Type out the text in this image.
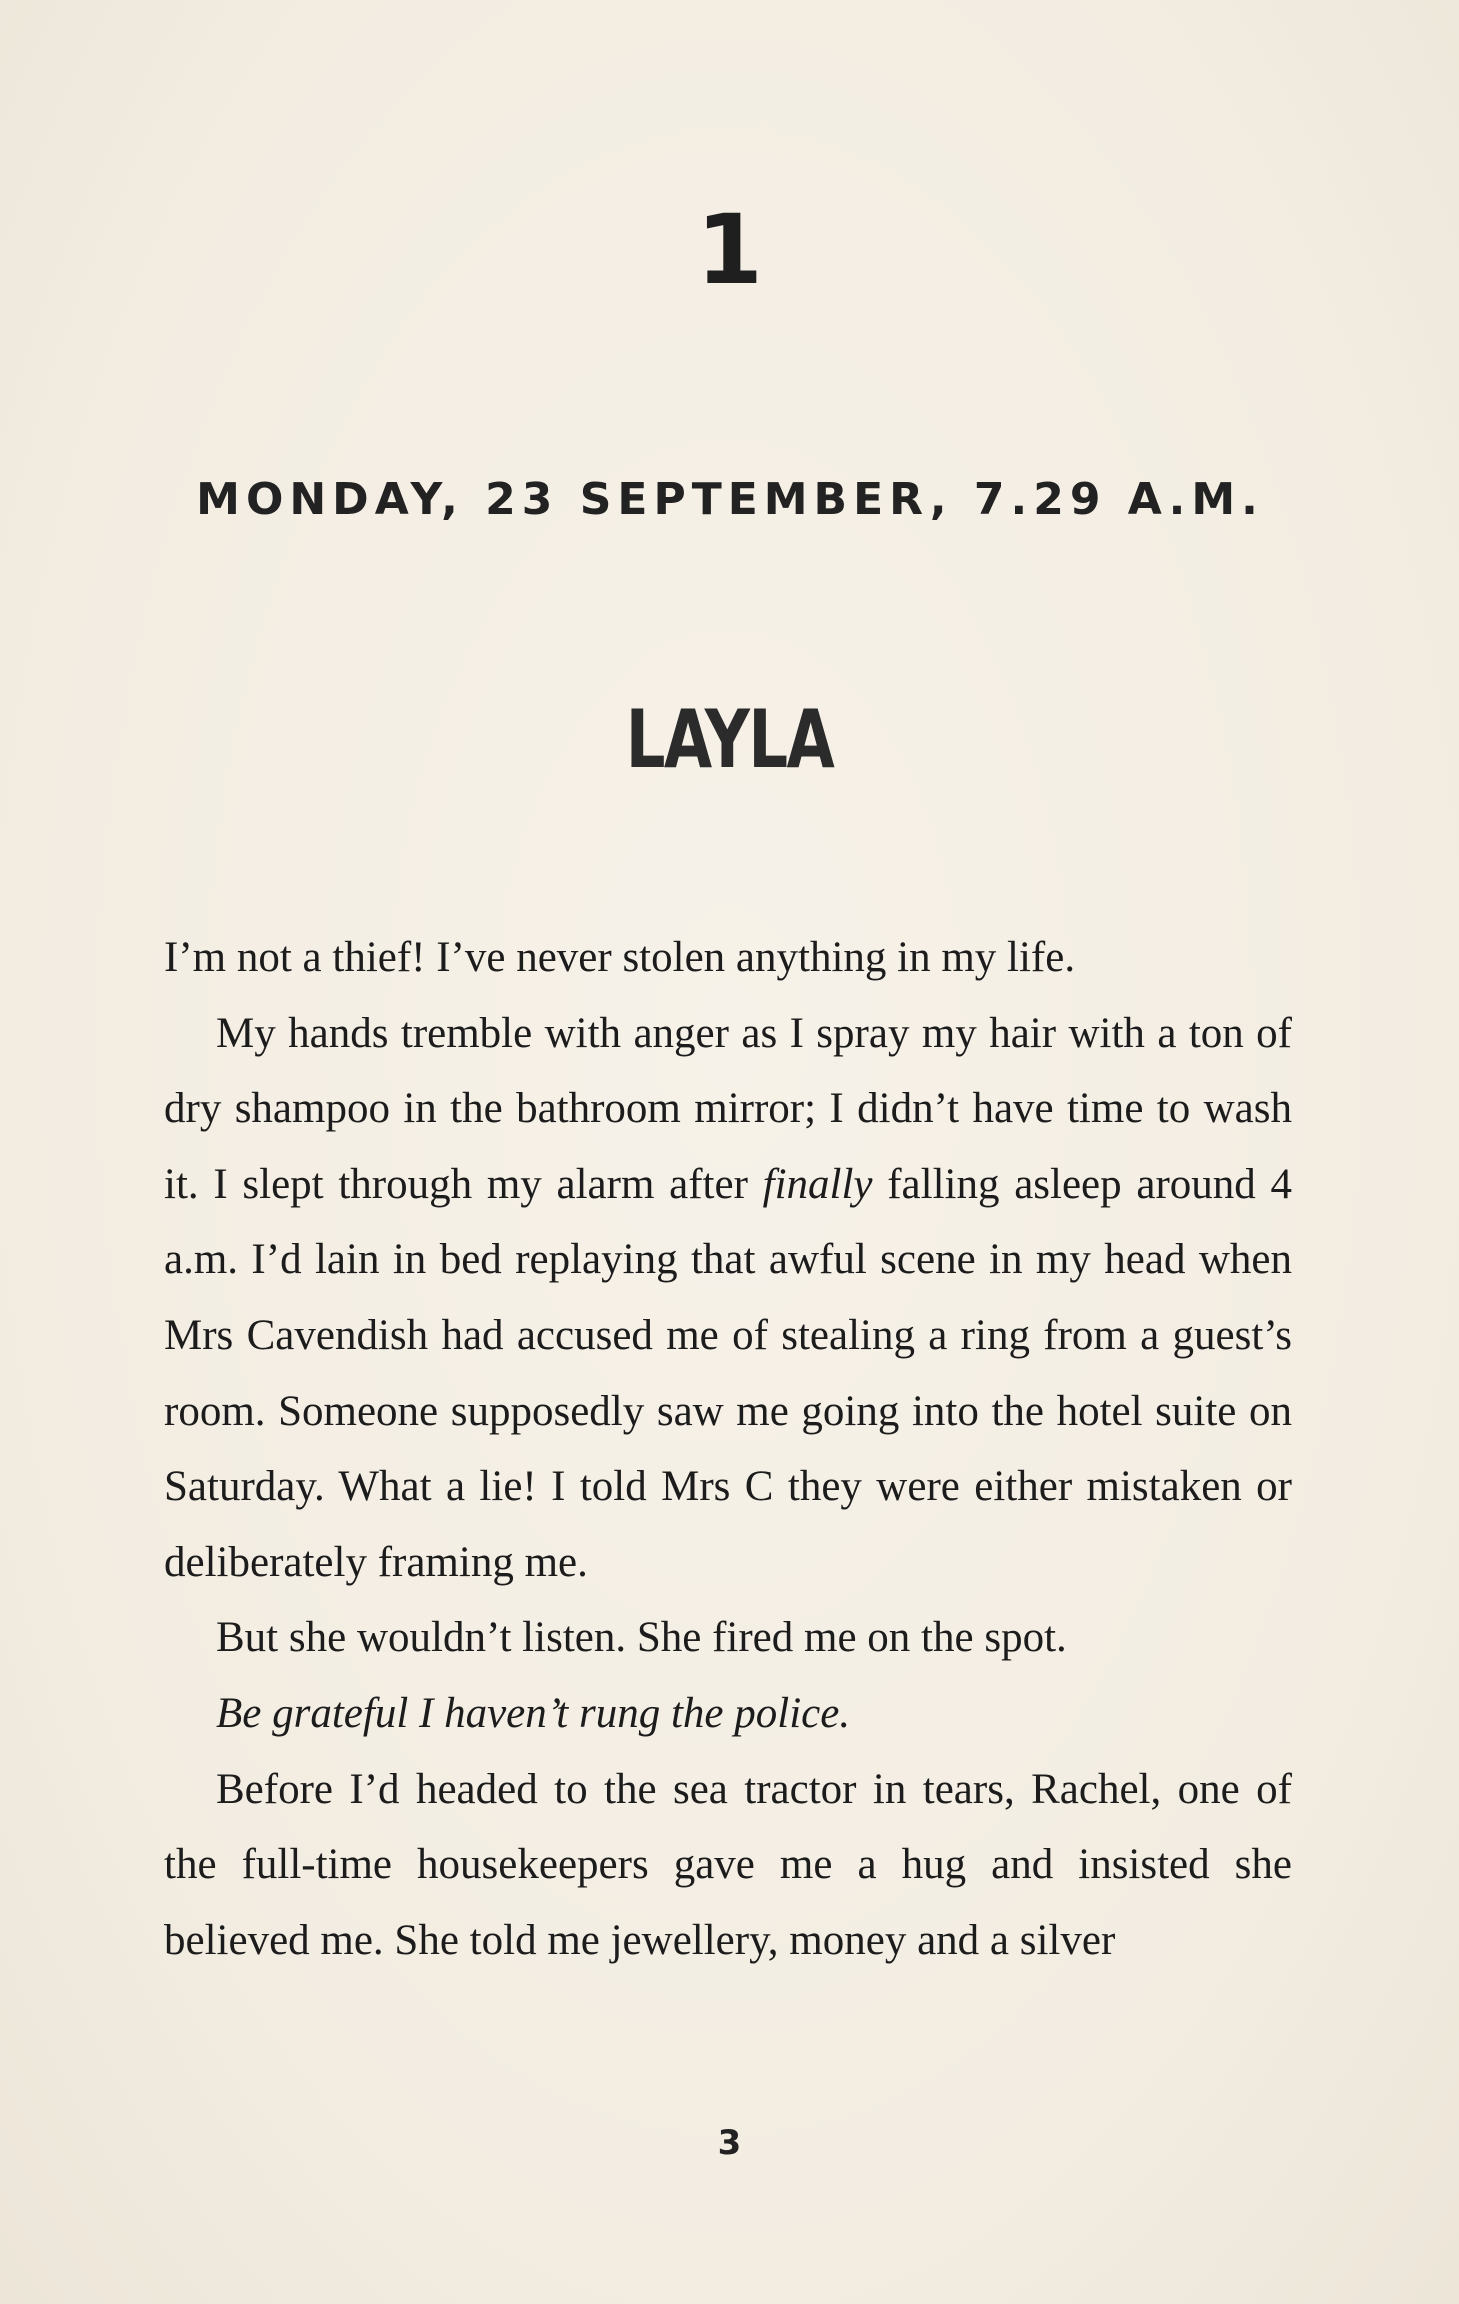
1
MONDAY, 23 SEPTEMBER, 7.29 A.M.
LAYLA

I’m not a thief! I’ve never stolen anything in my life.

My hands tremble with anger as I spray my hair with a ton of dry shampoo in the bathroom mirror; I didn’t have time to wash it. I slept through my alarm after finally falling asleep around 4 a.m. I’d lain in bed replaying that awful scene in my head when Mrs Cavendish had accused me of stealing a ring from a guest’s room. Someone supposedly saw me going into the hotel suite on Saturday. What a lie! I told Mrs C they were either mistaken or deliberately framing me.

But she wouldn’t listen. She fired me on the spot.

Be grateful I haven’t rung the police.

Before I’d headed to the sea tractor in tears, Rachel, one of the full-time housekeepers gave me a hug and insisted she believed me. She told me jewellery, money and a silver

3
